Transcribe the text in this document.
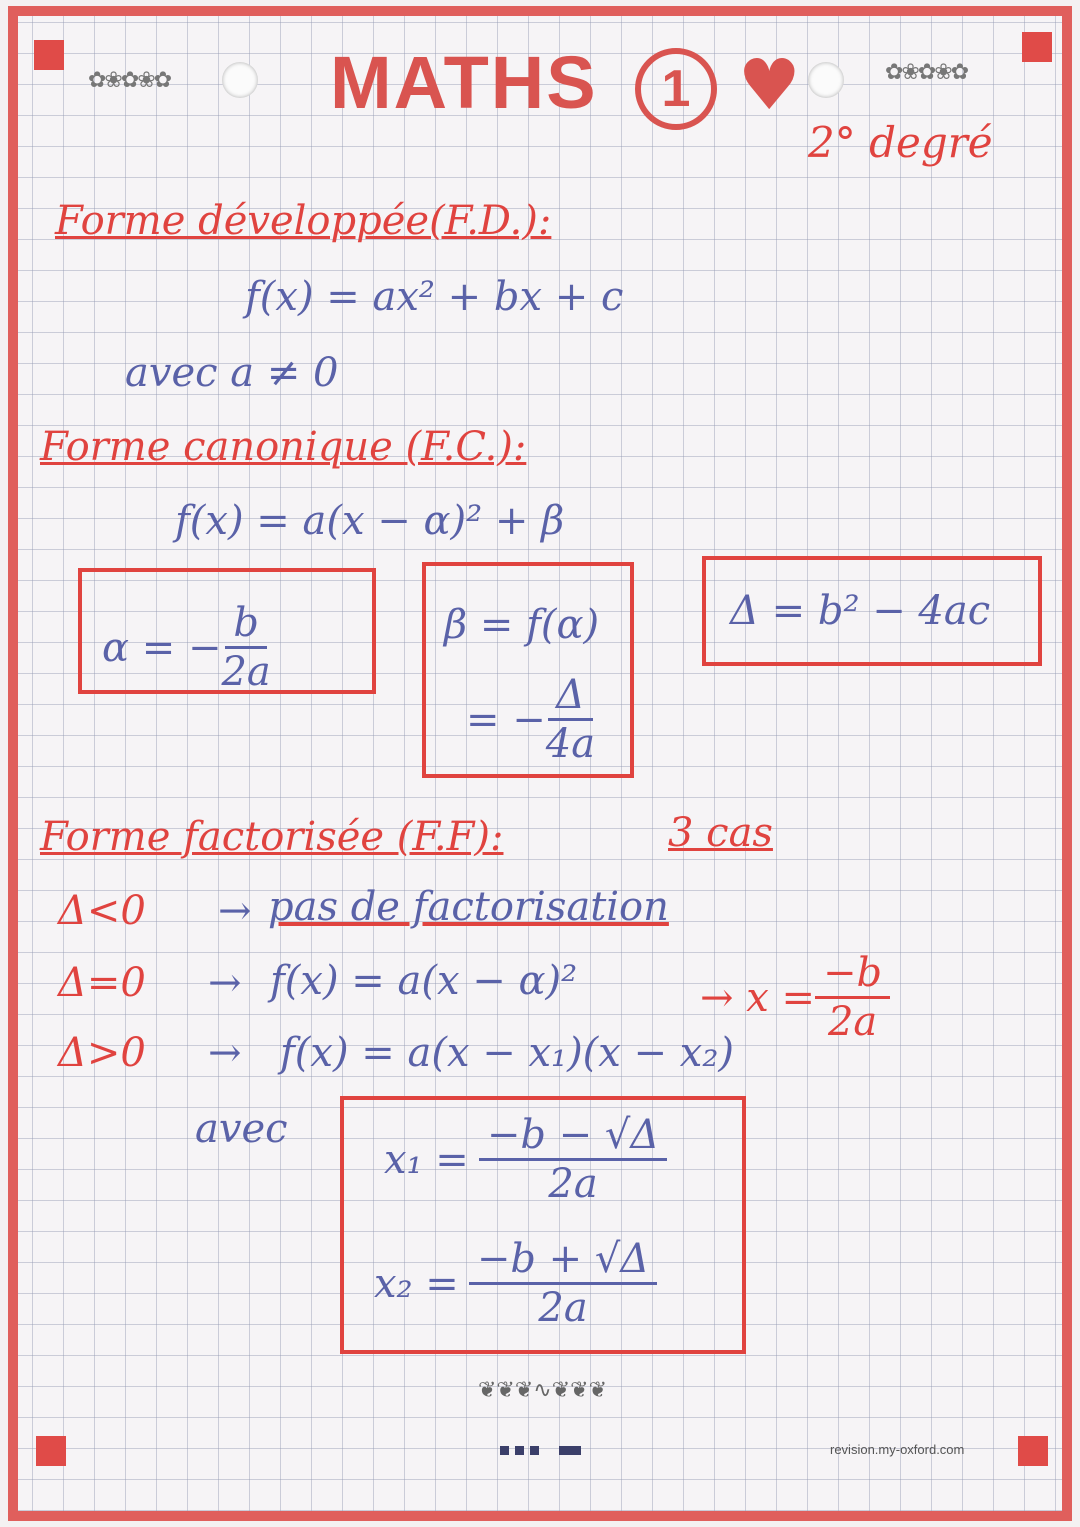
✿❀✿❀✿	✿❀✿❀✿
MATHS	1 ♥
2° degré
Forme développée(F.D.):
f(x) = ax² + bx + c
avec a ≠ 0
Forme canonique (F.C.):
f(x) = a(x − α)² + β
α = − $\frac{b}{2a}$	β = f(α)
= − $\frac{\Delta}{4a}$
Δ = b² − 4ac
Forme factorisée (F.F):	3 cas
Δ<0 → pas de factorisation
Δ=0 → f(x) = a(x − α)²	→ $x = \frac{-b}{2a}$
Δ>0 → f(x) = a(x − x₁)(x − x₂)
avec
$x_1 = \frac{-b - √\Delta}{2a}$
$x_2 = \frac{-b + √\Delta}{2a}$
❦❦❦∿❦❦❦
revision.my-oxford.com
